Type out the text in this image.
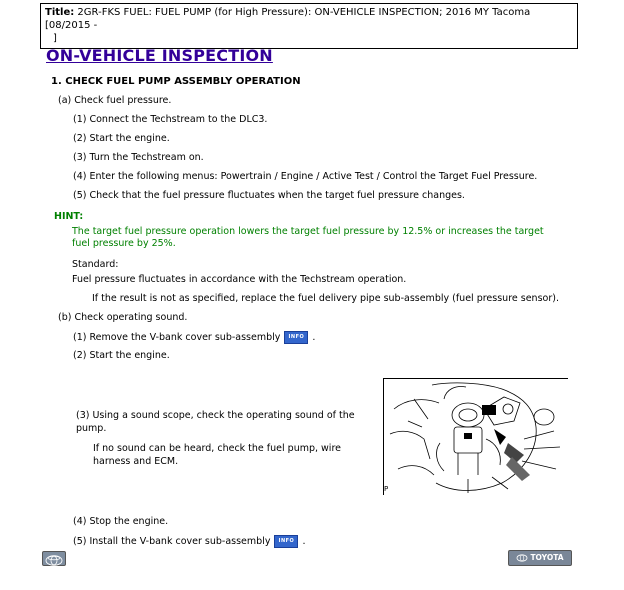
Title: 2GR-FKS FUEL: FUEL PUMP (for High Pressure): ON-VEHICLE INSPECTION; 2016 MY Tacoma [08/2015 -
]
ON-VEHICLE INSPECTION
1. CHECK FUEL PUMP ASSEMBLY OPERATION
(a) Check fuel pressure.
(1) Connect the Techstream to the DLC3.
(2) Start the engine.
(3) Turn the Techstream on.
(4) Enter the following menus: Powertrain / Engine / Active Test / Control the Target Fuel Pressure.
(5) Check that the fuel pressure fluctuates when the target fuel pressure changes.
HINT:
The target fuel pressure operation lowers the target fuel pressure by 12.5% or increases the target fuel pressure by 25%.
Standard:
Fuel pressure fluctuates in accordance with the Techstream operation.
If the result is not as specified, replace the fuel delivery pipe sub-assembly (fuel pressure sensor).
(b) Check operating sound.
(1) Remove the V-bank cover sub-assembly INFO .
(2) Start the engine.
(3) Using a sound scope, check the operating sound of the pump.
If no sound can be heard, check the fuel pump, wire harness and ECM.
P
(4) Stop the engine.
(5) Install the V-bank cover sub-assembly INFO .
TOYOTA
